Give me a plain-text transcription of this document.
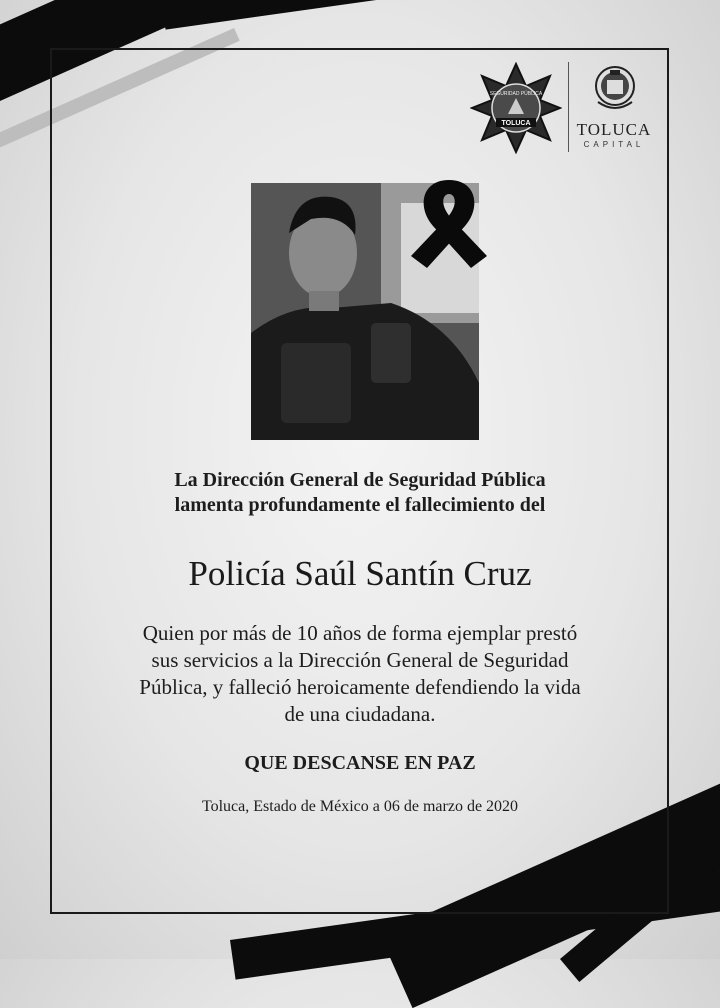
TOLUCA
SEGURIDAD PÚBLICA
TOLUCA
CAPITAL
La Dirección General de Seguridad Pública
lamenta profundamente el fallecimiento del
Policía Saúl Santín Cruz
Quien por más de 10 años de forma ejemplar prestó
sus servicios a la Dirección General de Seguridad
Pública, y falleció heroicamente defendiendo la vida
de una ciudadana.
QUE DESCANSE EN PAZ
Toluca, Estado de México a 06 de marzo de 2020
